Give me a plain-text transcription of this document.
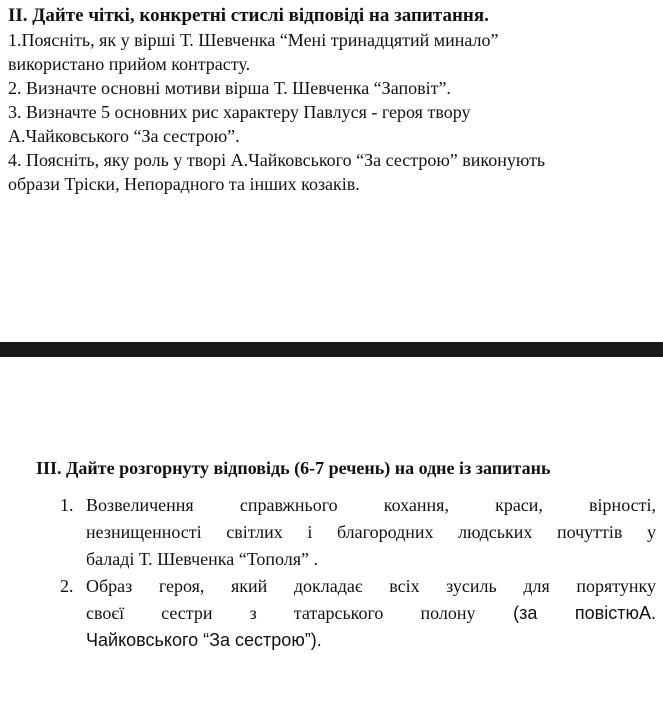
ІІ. Дайте чіткі, конкретні стислі відповіді на запитання.

1.Поясніть, як у вірші Т. Шевченка “Мені тринадцятий минало”

використано прийом контрасту.

2. Визначте основні мотиви вірша Т. Шевченка “Заповіт”.

3. Визначте 5 основних рис характеру Павлуся - героя твору

А.Чайковського “За сестрою”.

4. Поясніть, яку роль у творі А.Чайковського “За сестрою” виконують

образи Тріски, Непорадного та інших козаків.

ІІІ. Дайте розгорнуту відповідь (6-7 речень) на одне із запитань

1. Возвеличення справжнього кохання, краси, вірності,
незнищенності світлих і благородних людських почуттів у
баладі Т. Шевченка “Тополя” .
2. Образ героя, який докладає всіх зусиль для порятунку
своєї сестри з татарського полону (за повістю А.
Чайковського “За сестрою”).
